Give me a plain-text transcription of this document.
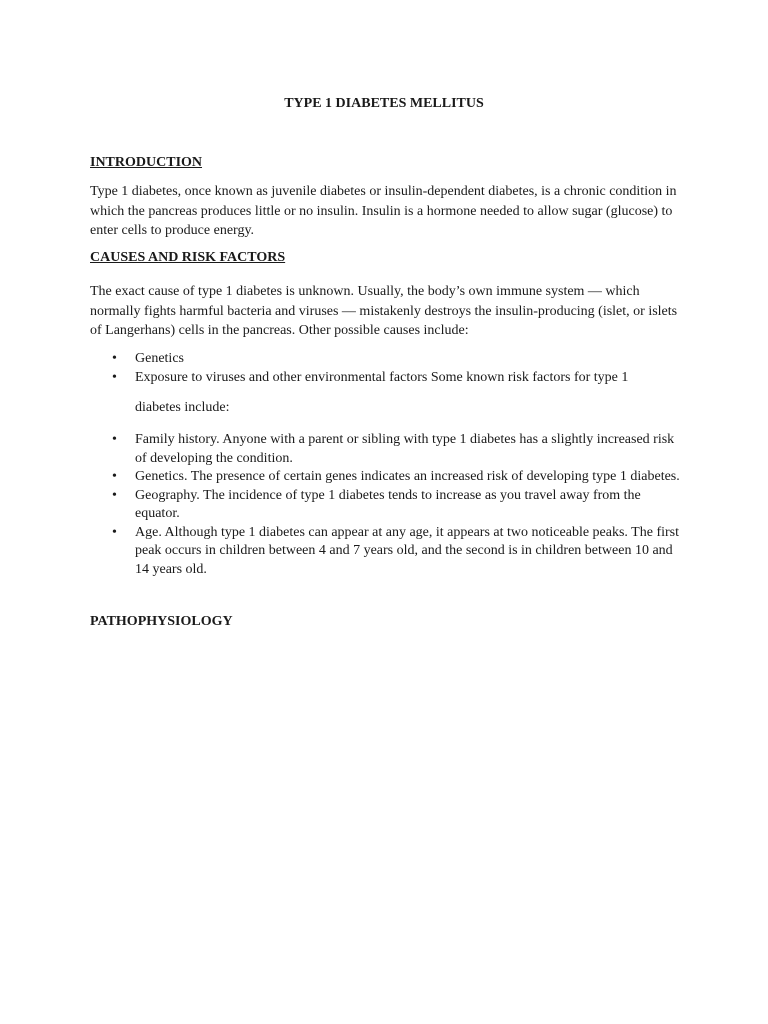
TYPE 1 DIABETES MELLITUS
INTRODUCTION

Type 1 diabetes, once known as juvenile diabetes or insulin-dependent diabetes, is a chronic condition in which the pancreas produces little or no insulin. Insulin is a hormone needed to allow sugar (glucose) to enter cells to produce energy.

CAUSES AND RISK FACTORS

The exact cause of type 1 diabetes is unknown. Usually, the body’s own immune system — which normally fights harmful bacteria and viruses — mistakenly destroys the insulin-producing (islet, or islets of Langerhans) cells in the pancreas. Other possible causes include:

• Genetics
• Exposure to viruses and other environmental factors Some known risk factors for type 1
diabetes include:
• Family history. Anyone with a parent or sibling with type 1 diabetes has a slightly increased risk of developing the condition.
• Genetics. The presence of certain genes indicates an increased risk of developing type 1 diabetes.
• Geography. The incidence of type 1 diabetes tends to increase as you travel away from the equator.
• Age. Although type 1 diabetes can appear at any age, it appears at two noticeable peaks. The first peak occurs in children between 4 and 7 years old, and the second is in children between 10 and 14 years old.
PATHOPHYSIOLOGY
